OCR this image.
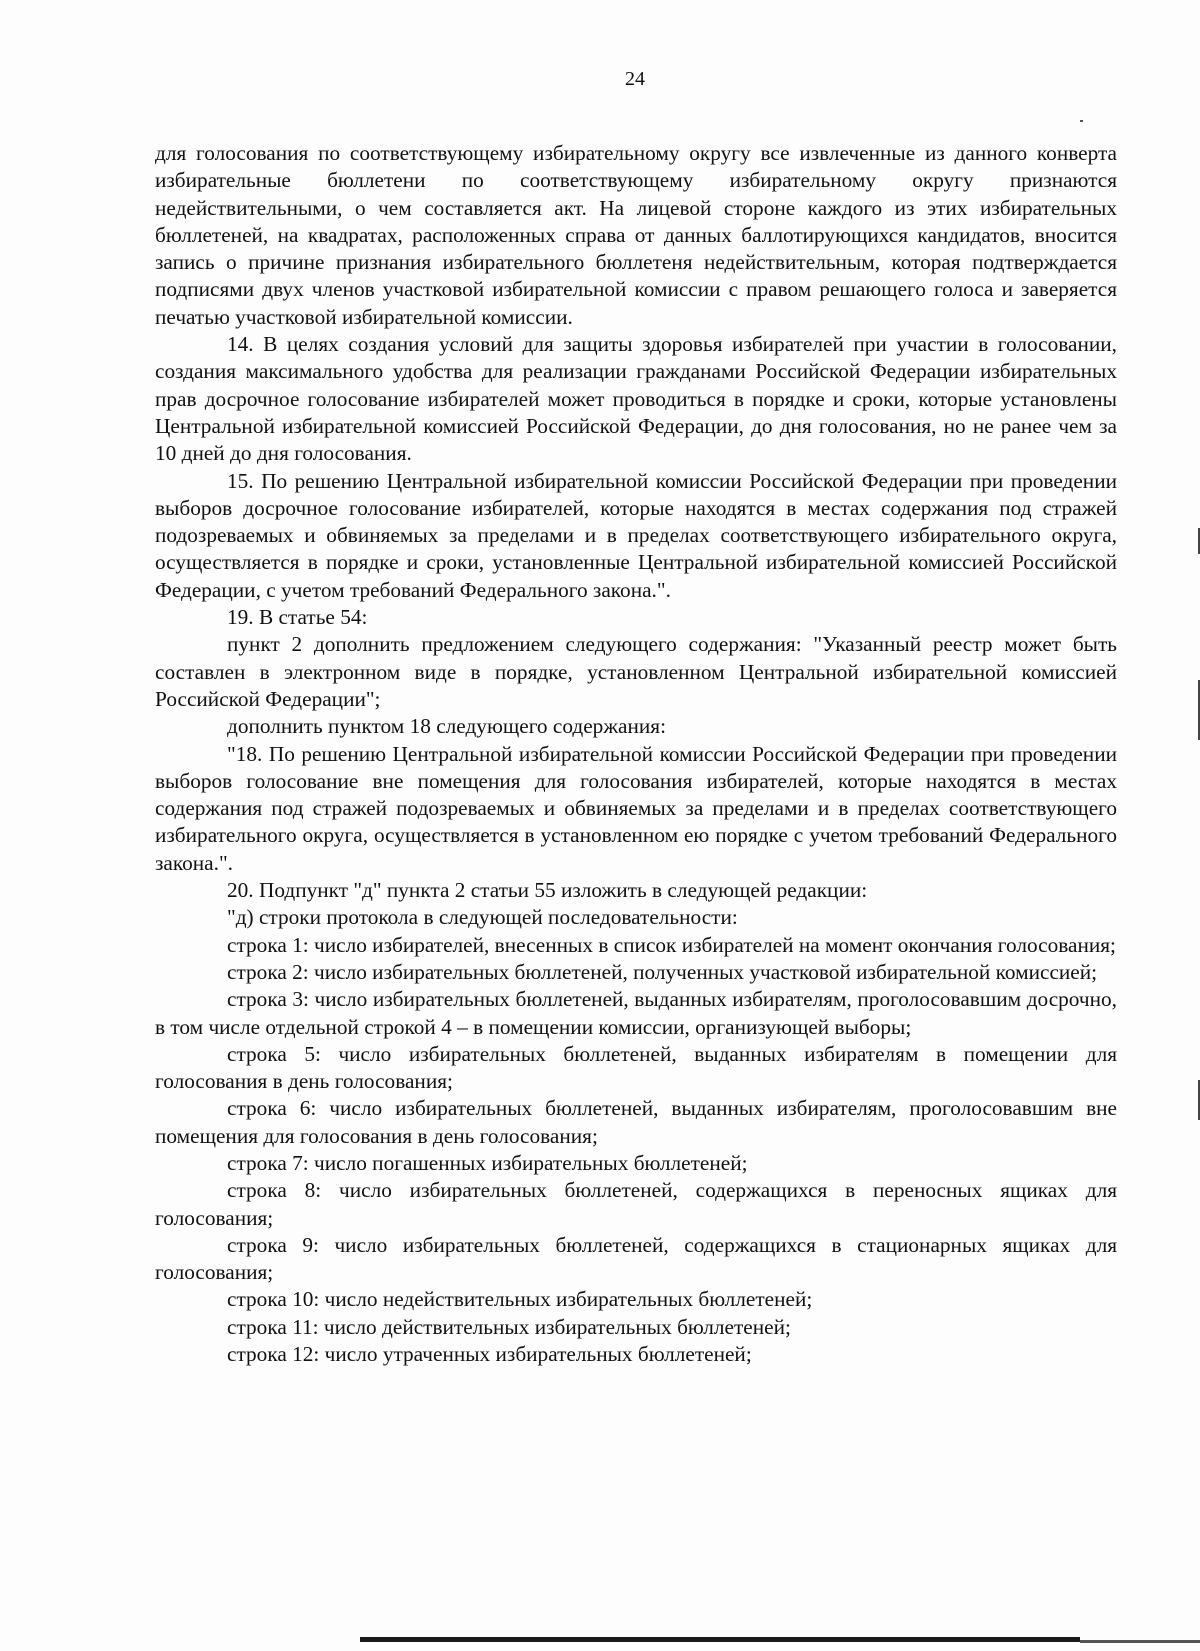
24

для голосования по соответствующему избирательному округу все извлеченные из данного конверта избирательные бюллетени по соответствующему избирательному округу признаются недействительными, о чем составляется акт. На лицевой стороне каждого из этих избирательных бюллетеней, на квадратах, расположенных справа от данных баллотирующихся кандидатов, вносится запись о причине признания избирательного бюллетеня недействительным, которая подтверждается подписями двух членов участковой избирательной комиссии с правом решающего голоса и заверяется печатью участковой избирательной комиссии.

14. В целях создания условий для защиты здоровья избирателей при участии в голосовании, создания максимального удобства для реализации гражданами Российской Федерации избирательных прав досрочное голосование избирателей может проводиться в порядке и сроки, которые установлены Центральной избирательной комиссией Российской Федерации, до дня голосования, но не ранее чем за 10 дней до дня голосования.

15. По решению Центральной избирательной комиссии Российской Федерации при проведении выборов досрочное голосование избирателей, которые находятся в местах содержания под стражей подозреваемых и обвиняемых за пределами и в пределах соответствующего избирательного округа, осуществляется в порядке и сроки, установленные Центральной избирательной комиссией Российской Федерации, с учетом требований Федерального закона.".

19. В статье 54:

пункт 2 дополнить предложением следующего содержания: "Указанный реестр может быть составлен в электронном виде в порядке, установленном Центральной избирательной комиссией Российской Федерации";

дополнить пунктом 18 следующего содержания:

"18. По решению Центральной избирательной комиссии Российской Федерации при проведении выборов голосование вне помещения для голосования избирателей, которые находятся в местах содержания под стражей подозреваемых и обвиняемых за пределами и в пределах соответствующего избирательного округа, осуществляется в установленном ею порядке с учетом требований Федерального закона.".

20. Подпункт "д" пункта 2 статьи 55 изложить в следующей редакции:

"д) строки протокола в следующей последовательности:

строка 1: число избирателей, внесенных в список избирателей на момент окончания голосования;

строка 2: число избирательных бюллетеней, полученных участковой избирательной комиссией;

строка 3: число избирательных бюллетеней, выданных избирателям, проголосовавшим досрочно, в том числе отдельной строкой 4 – в помещении комиссии, организующей выборы;

строка 5: число избирательных бюллетеней, выданных избирателям в помещении для голосования в день голосования;

строка 6: число избирательных бюллетеней, выданных избирателям, проголосовавшим вне помещения для голосования в день голосования;

строка 7: число погашенных избирательных бюллетеней;

строка 8: число избирательных бюллетеней, содержащихся в переносных ящиках для голосования;

строка 9: число избирательных бюллетеней, содержащихся в стационарных ящиках для голосования;

строка 10: число недействительных избирательных бюллетеней;

строка 11: число действительных избирательных бюллетеней;

строка 12: число утраченных избирательных бюллетеней;
